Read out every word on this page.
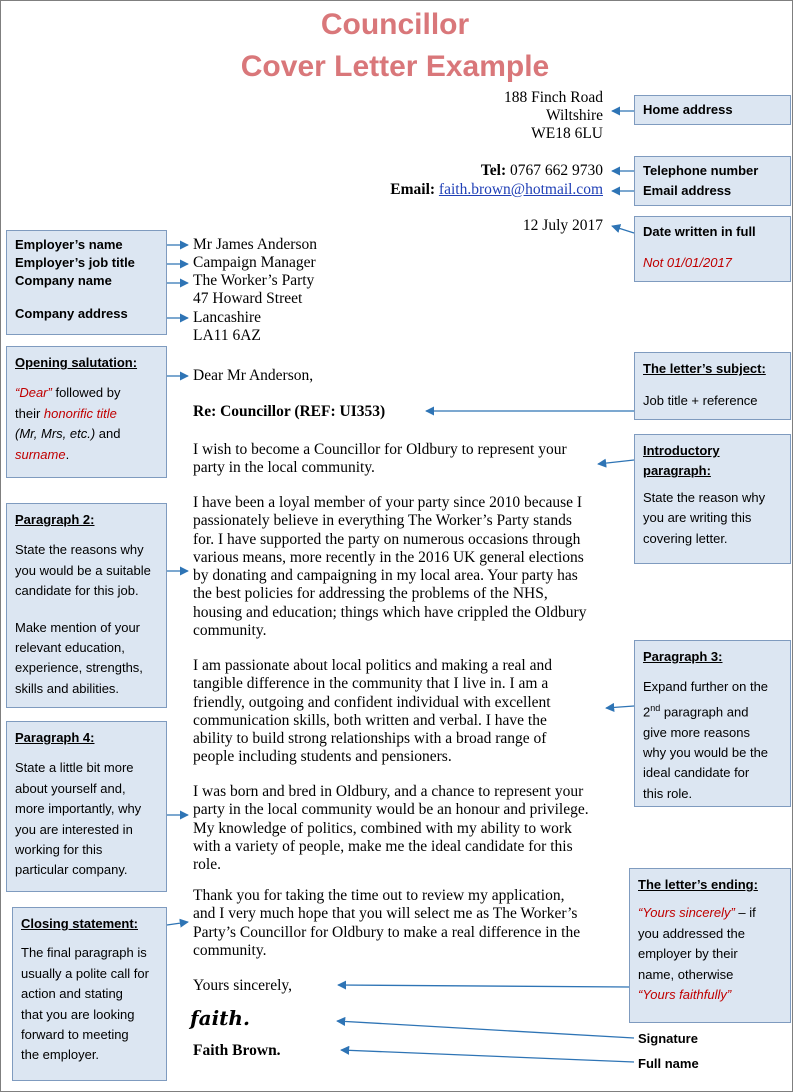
Councillor
Cover Letter Example
188 Finch Road
Wiltshire
WE18 6LU
Tel: 0767 662 9730
Email: faith.brown@hotmail.com
12 July 2017
Mr James Anderson
Campaign Manager
The Worker’s Party
47 Howard Street
Lancashire
LA11 6AZ
Dear Mr Anderson,
Re: Councillor (REF: UI353)
I wish to become a Councillor for Oldbury to represent your
party in the local community.
I have been a loyal member of your party since 2010 because I
passionately believe in everything The Worker’s Party stands
for. I have supported the party on numerous occasions through
various means, more recently in the 2016 UK general elections
by donating and campaigning in my local area. Your party has
the best policies for addressing the problems of the NHS,
housing and education; things which have crippled the Oldbury
community.
I am passionate about local politics and making a real and
tangible difference in the community that I live in. I am a
friendly, outgoing and confident individual with excellent
communication skills, both written and verbal. I have the
ability to build strong relationships with a broad range of
people including students and pensioners.
I was born and bred in Oldbury, and a chance to represent your
party in the local community would be an honour and privilege.
My knowledge of politics, combined with my ability to work
with a variety of people, make me the ideal candidate for this
role.
Thank you for taking the time out to review my application,
and I very much hope that you will select me as The Worker’s
Party’s Councillor for Oldbury to make a real difference in the
community.
Yours sincerely,
faith.
Faith Brown.
Home address
Telephone number
Email address
Date written in full
Not 01/01/2017
The letter’s subject:
Job title + reference
Introductory
paragraph:
State the reason why
you are writing this
covering letter.
Paragraph 3:
Expand further on the
2nd paragraph and
give more reasons
why you would be the
ideal candidate for
this role.
The letter’s ending:
“Yours sincerely” – if
you addressed the
employer by their
name, otherwise
“Yours faithfully”
Signature
Full name
Employer’s name
Employer’s job title
Company name
Company address
Opening salutation:
“Dear” followed by
their honorific title
(Mr, Mrs, etc.) and
surname.
Paragraph 2:
State the reasons why
you would be a suitable
candidate for this job.
Make mention of your
relevant education,
experience, strengths,
skills and abilities.
Paragraph 4:
State a little bit more
about yourself and,
more importantly, why
you are interested in
working for this
particular company.
Closing statement:
The final paragraph is
usually a polite call for
action and stating
that you are looking
forward to meeting
the employer.
